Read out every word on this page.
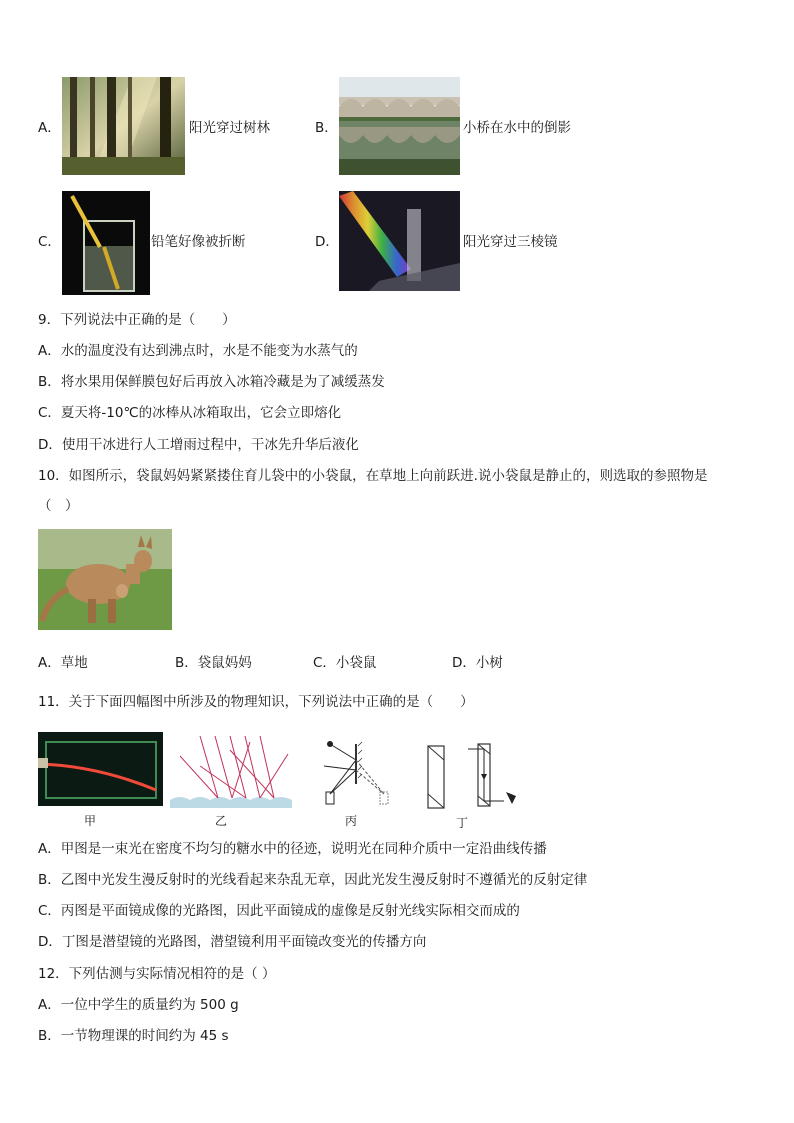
A．	阳光穿过树林	B．	小桥在水中的倒影
C．	铅笔好像被折断	D．	阳光穿过三棱镜
9．下列说法中正确的是（　　）
A．水的温度没有达到沸点时，水是不能变为水蒸气的
B．将水果用保鲜膜包好后再放入冰箱冷藏是为了减缓蒸发
C．夏天将-10℃的冰棒从冰箱取出，它会立即熔化
D．使用干冰进行人工增雨过程中，干冰先升华后液化
10．如图所示，袋鼠妈妈紧紧搂住育儿袋中的小袋鼠，在草地上向前跃进.说小袋鼠是静止的，则选取的参照物是
（　）
A．草地	B．袋鼠妈妈	C．小袋鼠	D．小树
11．关于下面四幅图中所涉及的物理知识，下列说法中正确的是（　　）
甲	乙	丙	丁
A．甲图是一束光在密度不均匀的糖水中的径迹，说明光在同种介质中一定沿曲线传播
B．乙图中光发生漫反射时的光线看起来杂乱无章，因此光发生漫反射时不遵循光的反射定律
C．丙图是平面镜成像的光路图，因此平面镜成的虚像是反射光线实际相交而成的
D．丁图是潜望镜的光路图，潜望镜利用平面镜改变光的传播方向
12．下列估测与实际情况相符的是（ ）
A．一位中学生的质量约为 500 g
B．一节物理课的时间约为 45 s
